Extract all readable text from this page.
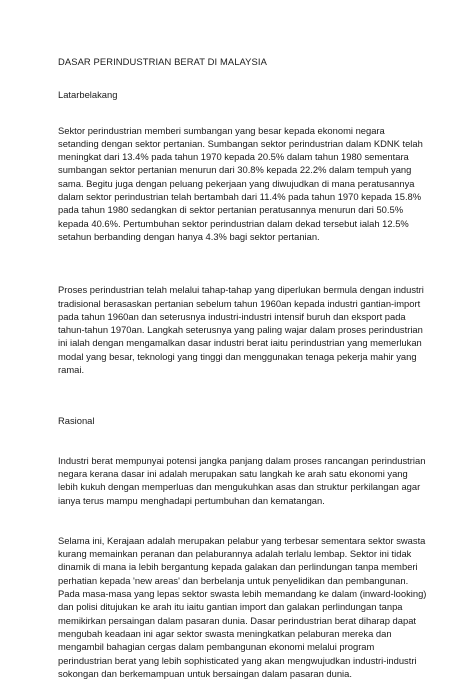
DASAR PERINDUSTRIAN BERAT DI MALAYSIA
Latarbelakang

Sektor perindustrian memberi sumbangan yang besar kepada ekonomi negara setanding dengan sektor pertanian. Sumbangan sektor perindustrian dalam KDNK telah meningkat dari 13.4% pada tahun 1970 kepada 20.5% dalam tahun 1980 sementara sumbangan sektor pertanian menurun dari 30.8% kepada 22.2% dalam tempuh yang sama. Begitu juga dengan peluang pekerjaan yang diwujudkan di mana peratusannya dalam sektor perindustrian telah bertambah dari 11.4% pada tahun 1970 kepada 15.8% pada tahun 1980 sedangkan di sektor pertanian peratusannya menurun dari 50.5% kepada 40.6%. Pertumbuhan sektor perindustrian dalam dekad tersebut ialah 12.5% setahun berbanding dengan hanya 4.3% bagi sektor pertanian.

Proses perindustrian telah melalui tahap-tahap yang diperlukan bermula dengan industri tradisional berasaskan pertanian sebelum tahun 1960an kepada industri gantian-import pada tahun 1960an dan seterusnya industri-industri intensif buruh dan eksport pada tahun-tahun 1970an. Langkah seterusnya yang paling wajar dalam proses perindustrian ini ialah dengan mengamalkan dasar industri berat iaitu perindustrian yang memerlukan modal yang besar, teknologi yang tinggi dan menggunakan tenaga pekerja mahir yang ramai.

Rasional

Industri berat mempunyai potensi jangka panjang dalam proses rancangan perindustrian negara kerana dasar ini adalah merupakan satu langkah ke arah satu ekonomi yang lebih kukuh dengan memperluas dan mengukuhkan asas dan struktur perkilangan agar ianya terus mampu menghadapi pertumbuhan dan kematangan.

Selama ini, Kerajaan adalah merupakan pelabur yang terbesar sementara sektor swasta kurang memainkan peranan dan pelaburannya adalah terlalu lembap. Sektor ini tidak dinamik di mana ia lebih bergantung kepada galakan dan perlindungan tanpa memberi perhatian kepada 'new areas' dan berbelanja untuk penyelidikan dan pembangunan. Pada masa-masa yang lepas sektor swasta lebih memandang ke dalam (inward-looking) dan polisi ditujukan ke arah itu iaitu gantian import dan galakan perlindungan tanpa memikirkan persaingan dalam pasaran dunia. Dasar perindustrian berat diharap dapat mengubah keadaan ini agar sektor swasta meningkatkan pelaburan mereka dan mengambil bahagian cergas dalam pembangunan ekonomi melalui program perindustrian berat yang lebih sophisticated yang akan mengwujudkan industri-industri sokongan dan berkemampuan untuk bersaingan dalam pasaran dunia.
